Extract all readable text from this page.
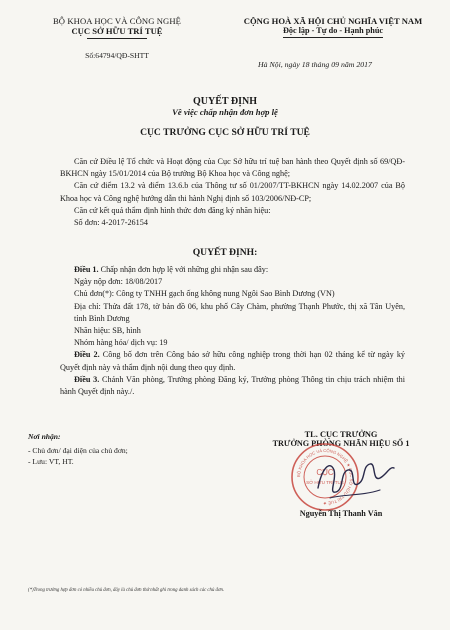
BỘ KHOA HỌC VÀ CÔNG NGHỆ
CỤC SỞ HỮU TRÍ TUỆ
Số:64794/QĐ-SHTT
CỘNG HOÀ XÃ HỘI CHỦ NGHĨA VIỆT NAM
Độc lập - Tự do - Hạnh phúc
Hà Nội, ngày 18 tháng 09 năm 2017
QUYẾT ĐỊNH
Về việc chấp nhận đơn hợp lệ
CỤC TRƯỞNG CỤC SỞ HỮU TRÍ TUỆ

Căn cứ Điều lệ Tổ chức và Hoạt động của Cục Sở hữu trí tuệ ban hành theo Quyết định số 69/QĐ-BKHCN ngày 15/01/2014 của Bộ trưởng Bộ Khoa học và Công nghệ;

Căn cứ điểm 13.2 và điểm 13.6.b của Thông tư số 01/2007/TT-BKHCN ngày 14.02.2007 của Bộ Khoa học và Công nghệ hướng dẫn thi hành Nghị định số 103/2006/NĐ-CP;

Căn cứ kết quả thẩm định hình thức đơn đăng ký nhãn hiệu:

Số đơn: 4-2017-26154

QUYẾT ĐỊNH:

Điều 1. Chấp nhận đơn hợp lệ với những ghi nhận sau đây:

Ngày nộp đơn: 18/08/2017

Chủ đơn(*): Công ty TNHH gạch ống không nung Ngôi Sao Bình Dương (VN)

Địa chỉ: Thửa đất 178, tờ bản đồ 06, khu phố Cây Chàm, phường Thạnh Phước, thị xã Tân Uyên, tỉnh Bình Dương

Nhãn hiệu: SB, hình

Nhóm hàng hóa/ dịch vụ: 19

Điều 2. Công bố đơn trên Công báo sở hữu công nghiệp trong thời hạn 02 tháng kể từ ngày ký Quyết định này và thẩm định nội dung theo quy định.

Điều 3. Chánh Văn phòng, Trưởng phòng Đăng ký, Trưởng phòng Thông tin chịu trách nhiệm thi hành Quyết định này./.

Nơi nhận:
- Chủ đơn/ đại diện của chủ đơn;
- Lưu: VT, HT.
TL. CỤC TRƯỞNG
TRƯỞNG PHÒNG NHÃN HIỆU SỐ 1
BỘ KHOA HỌC VÀ CÔNG NGHỆ ★ CỤC SỞ HỮU TRÍ TUỆ ★
CỤC
SỞ HỮU TRÍ TUỆ
Nguyễn Thị Thanh Vân
(*)Trong trường hợp đơn có nhiều chủ đơn, đây là chủ đơn thứ nhất ghi trong danh sách các chủ đơn.
